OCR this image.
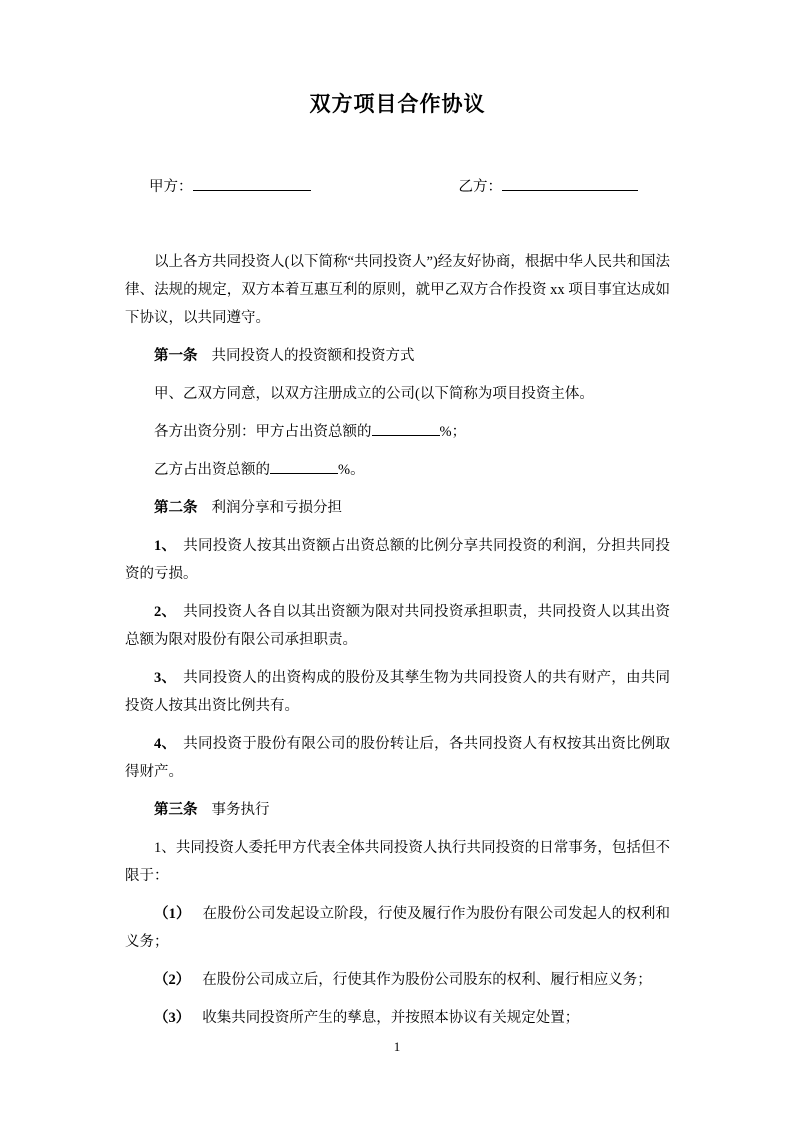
双方项目合作协议
甲方：	乙方：

以上各方共同投资人(以下简称“共同投资人”)经友好协商，根据中华人民共和国法律、法规的规定，双方本着互惠互利的原则，就甲乙双方合作投资 xx 项目事宜达成如下协议，以共同遵守。

第一条 共同投资人的投资额和投资方式

甲、乙双方同意，以双方注册成立的公司(以下简称为项目投资主体。

各方出资分别：甲方占出资总额的	%；

乙方占出资总额的	%。

第二条 利润分享和亏损分担

1、 共同投资人按其出资额占出资总额的比例分享共同投资的利润，分担共同投资的亏损。

2、 共同投资人各自以其出资额为限对共同投资承担职责，共同投资人以其出资总额为限对股份有限公司承担职责。

3、 共同投资人的出资构成的股份及其孳生物为共同投资人的共有财产，由共同投资人按其出资比例共有。

4、 共同投资于股份有限公司的股份转让后，各共同投资人有权按其出资比例取得财产。

第三条 事务执行

1、共同投资人委托甲方代表全体共同投资人执行共同投资的日常事务，包括但不限于：

（1） 在股份公司发起设立阶段，行使及履行作为股份有限公司发起人的权利和义务；

（2） 在股份公司成立后，行使其作为股份公司股东的权利、履行相应义务；

（3） 收集共同投资所产生的孳息，并按照本协议有关规定处置；

1
